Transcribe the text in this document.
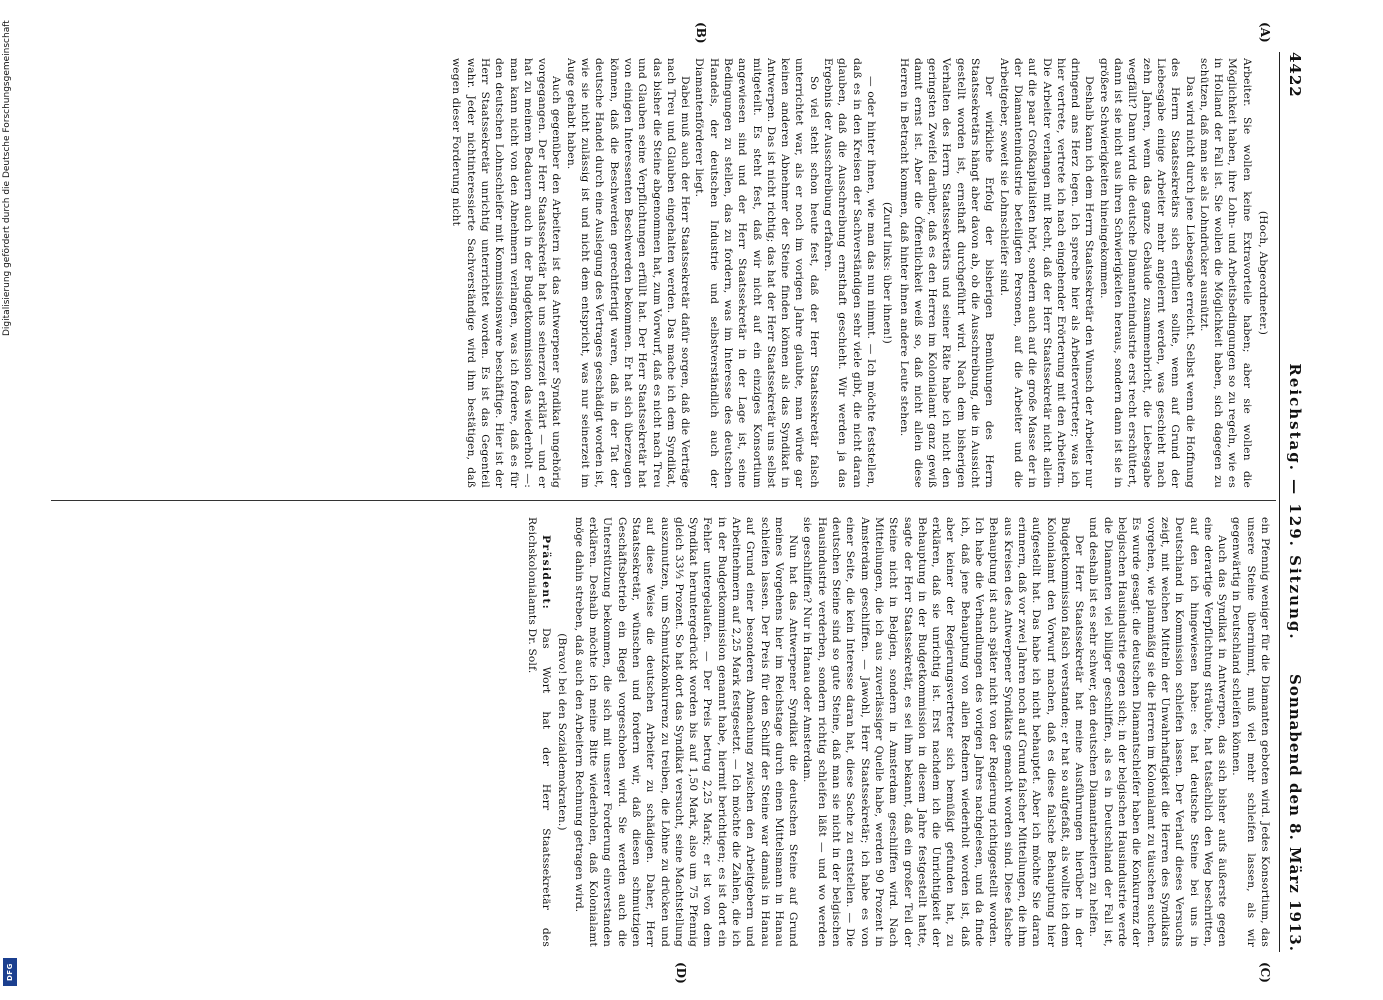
4422
Reichstag. — 129. Sitzung.
Sonnabend den 8. März 1913.
(A)
(B)
(C)
(D)

(Hoch, Abgeordneter.)

Arbeiter. Sie wollen keine Extravorteile haben; aber sie wollen die Möglichkeit haben, ihre Lohn- und Arbeitsbedingungen so zu regeln, wie es in Holland der Fall ist. Sie wollen die Möglichkeit haben, sich dagegen zu schützen, daß man sie als Lohndrücker ausnützt.

Das wird nicht durch jene Liebesgabe erreicht. Selbst wenn die Hoffnung des Herrn Staatssekretärs sich erfüllen sollte, wenn auf Grund der Liebesgabe einige Arbeiter mehr angelernt werden, was geschieht nach zehn Jahren, wenn das ganze Gebäude zusammenbricht, die Liebesgabe wegfällt? Dann wird die deutsche Diamantenindustrie erst recht erschüttert, dann ist sie nicht aus ihren Schwierigkeiten heraus, sondern dann ist sie in größere Schwierigkeiten hineingekommen.

Deshalb kann ich dem Herrn Staatssekretär den Wunsch der Arbeiter nur dringend ans Herz legen. Ich spreche hier als Arbeitervertreter; was ich hier vertrete, vertrete ich nach eingehender Erörterung mit den Arbeitern. Die Arbeiter verlangen mit Recht, daß der Herr Staatssekretär nicht allein auf die paar Großkapitalisten hört, sondern auch auf die große Masse der in der Diamantenindustrie beteiligten Personen, auf die Arbeiter und die Arbeitgeber, soweit sie Lohnschleifer sind.

Der wirkliche Erfolg der bisherigen Bemühungen des Herrn Staatssekretärs hängt aber davon ab, ob die Ausschreibung, die in Aussicht gestellt worden ist, ernsthaft durchgeführt wird. Nach dem bisherigen Verhalten des Herrn Staatssekretärs und seiner Räte habe ich nicht den geringsten Zweifel darüber, daß es den Herren im Kolonialamt ganz gewiß damit ernst ist. Aber die Öffentlichkeit weiß so, daß nicht allein diese Herren in Betracht kommen, daß hinter ihnen andere Leute stehen.

(Zuruf links: über ihnen!)

— oder hinter ihnen, wie man das nun nimmt. — Ich möchte feststellen, daß es in den Kreisen der Sachverständigen sehr viele gibt, die nicht daran glauben, daß die Ausschreibung ernsthaft geschieht. Wir werden ja das Ergebnis der Ausschreibung erfahren.

So viel steht schon heute fest, daß der Herr Staatssekretär falsch unterrichtet war, als er noch im vorigen Jahre glaubte, man würde gar keinen anderen Abnehmer der Steine finden können als das Syndikat in Antwerpen. Das ist nicht richtig; das hat der Herr Staatssekretär uns selbst mitgeteilt. Es steht fest, daß wir nicht auf ein einziges Konsortium angewiesen sind und der Herr Staatssekretär in der Lage ist, seine Bedingungen zu stellen, das zu fordern, was im Interesse des deutschen Handels, der deutschen Industrie und selbstverständlich auch der Diamantenförderer liegt.

Dabei muß auch der Herr Staatssekretär dafür sorgen, daß die Verträge nach Treu und Glauben eingehalten werden. Das mache ich dem Syndikat, das bisher die Steine abgenommen hat, zum Vorwurf, daß es nicht nach Treu und Glauben seine Verpflichtungen erfüllt hat. Der Herr Staatssekretär hat von einigen Interessenten Beschwerden bekommen. Er hat sich überzeugen können, daß die Beschwerden gerechtfertigt waren, daß in der Tat der deutsche Handel durch eine Auslegung des Vertrages geschädigt worden ist, wie sie nicht zulässig ist und nicht dem entspricht, was nur seinerzeit im Auge gehabt haben.

Auch gegenüber den Arbeitern ist das Antwerpener Syndikat ungehörig vorgegangen. Der Herr Staatssekretär hat uns seinerzeit erklärt — und er hat zu meinem Bedauern auch in der Budgetkommission das wiederholt —: man kann nicht von den Abnehmern verlangen, was ich fordere, daß es für den deutschen Lohnschleifer mit Kommissionsware beschäftige. Hier ist der Herr Staatssekretär unrichtig unterrichtet worden. Es ist das Gegenteil wahr. Jeder nichtinteressierte Sachverständige wird ihm bestätigen, daß wegen dieser Forderung nicht

ein Pfennig weniger für die Diamanten geboten wird. Jedes Konsortium, das unsere Steine übernimmt, muß viel mehr schleifen lassen, als wir gegenwärtig in Deutschland schleifen können.

Auch das Syndikat in Antwerpen, das sich bisher aufs äußerste gegen eine derartige Verpflichtung sträubte, hat tatsächlich den Weg beschritten, auf den ich hingewiesen habe: es hat deutsche Steine bei uns in Deutschland in Kommission schleifen lassen. Der Verlauf dieses Versuchs zeigt, mit welchen Mitteln der Unwahrhaftigkeit die Herren des Syndikats vorgehen, wie planmäßig sie die Herren im Kolonialamt zu täuschen suchen. Es wurde gesagt: die deutschen Diamantschleifer haben die Konkurrenz der belgischen Hausindustrie gegen sich; in der belgischen Hausindustrie werde die Diamanten viel billiger geschliffen, als es in Deutschland der Fall ist, und deshalb ist es sehr schwer, den deutschen Diamantarbeitern zu helfen.

Der Herr Staatssekretär hat meine Ausführungen hierüber in der Budgetkommission falsch verstanden; er hat so aufgefaßt, als wollte ich dem Kolonialamt den Vorwurf machen, daß es diese falsche Behauptung hier aufgestellt hat. Das habe ich nicht behauptet. Aber ich möchte Sie daran erinnern, daß vor zwei Jahren noch auf Grund falscher Mitteilungen, die ihm aus Kreisen des Antwerpener Syndikats gemacht worden sind. Diese falsche Behauptung ist auch später nicht von der Regierung richtiggestellt worden. Ich habe die Verhandlungen des vorigen Jahres nachgelesen, und da finde ich, daß jene Behauptung von allen Rednern wiederholt worden ist, daß aber keiner der Regierungsvertreter sich bemüßigt gefunden hat, zu erklären, daß sie unrichtig ist. Erst nachdem ich die Unrichtigkeit der Behauptung in der Budgetkommission in diesem Jahre festgestellt hatte, sagte der Herr Staatssekretär, es sei ihm bekannt, daß ein großer Teil der Steine nicht in Belgien, sondern in Amsterdam geschliffen wird. Nach Mitteilungen, die ich aus zuverlässiger Quelle habe, werden 90 Prozent in Amsterdam geschliffen. — Jawohl, Herr Staatssekretär; ich habe es von einer Seite, die kein Interesse daran hat, diese Sache zu entstellen. — Die deutschen Steine sind so gute Steine, daß man sie nicht in der belgischen Hausindustrie verderben, sondern richtig schleifen läßt — und wo werden sie geschliffen? Nur in Hanau oder Amsterdam.

Nun hat das Antwerpener Syndikat die deutschen Steine auf Grund meines Vorgehens hier im Reichstage durch einen Mittelsmann in Hanau schleifen lassen. Der Preis für den Schliff der Steine war damals in Hanau auf Grund einer besonderen Abmachung zwischen den Arbeitgebern und Arbeitnehmern auf 2,25 Mark festgesetzt. — Ich möchte die Zahlen, die ich in der Budgetkommission genannt habe, hiermit berichtigen; es ist dort ein Fehler untergelaufen. — Der Preis betrug 2,25 Mark; er ist von dem Syndikat heruntergedrückt worden bis auf 1,50 Mark, also um 75 Pfennig gleich 33⅓ Prozent. So hat dort das Syndikat versucht, seine Machtstellung auszunutzen, um Schmutzkonkurrenz zu treiben, die Löhne zu drücken und auf diese Weise die deutschen Arbeiter zu schädigen. Daher, Herr Staatssekretär, wünschen und fordern wir, daß diesen schmutzigen Geschäftsbetrieb ein Riegel vorgeschoben wird. Sie werden auch die Unterstützung bekommen, die sich mit unserer Forderung einverstanden erklären. Deshalb möchte ich meine Bitte wiederholen, daß Kolonialamt möge dahin streben, daß auch den Arbeitern Rechnung getragen wird.

(Bravo! bei den Sozialdemokraten.)

Präsident: Das Wort hat der Herr Staatssekretär des Reichskolonialamts Dr. Solf.

Digitalisierung gefördert durch die Deutsche Forschungsgemeinschaft
DFG
